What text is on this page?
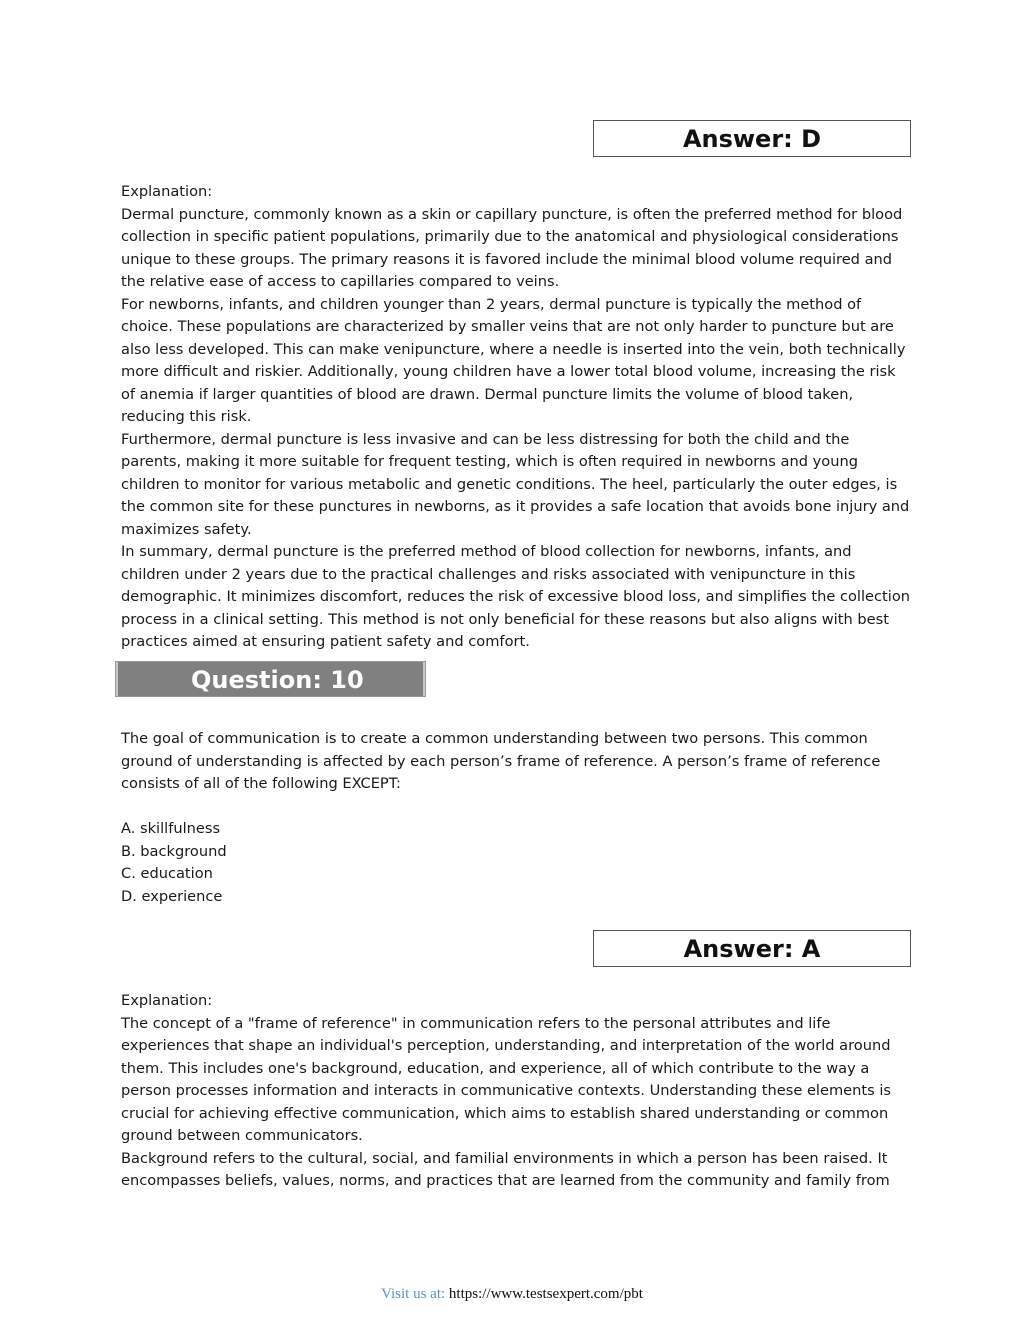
Answer: D

Explanation:

Dermal puncture, commonly known as a skin or capillary puncture, is often the preferred method for blood collection in specific patient populations, primarily due to the anatomical and physiological considerations unique to these groups. The primary reasons it is favored include the minimal blood volume required and the relative ease of access to capillaries compared to veins.

For newborns, infants, and children younger than 2 years, dermal puncture is typically the method of choice. These populations are characterized by smaller veins that are not only harder to puncture but are also less developed. This can make venipuncture, where a needle is inserted into the vein, both technically more difficult and riskier. Additionally, young children have a lower total blood volume, increasing the risk of anemia if larger quantities of blood are drawn. Dermal puncture limits the volume of blood taken, reducing this risk.

Furthermore, dermal puncture is less invasive and can be less distressing for both the child and the parents, making it more suitable for frequent testing, which is often required in newborns and young children to monitor for various metabolic and genetic conditions. The heel, particularly the outer edges, is the common site for these punctures in newborns, as it provides a safe location that avoids bone injury and maximizes safety.

In summary, dermal puncture is the preferred method of blood collection for newborns, infants, and children under 2 years due to the practical challenges and risks associated with venipuncture in this demographic. It minimizes discomfort, reduces the risk of excessive blood loss, and simplifies the collection process in a clinical setting. This method is not only beneficial for these reasons but also aligns with best practices aimed at ensuring patient safety and comfort.

Question: 10

The goal of communication is to create a common understanding between two persons. This common ground of understanding is affected by each person’s frame of reference. A person’s frame of reference consists of all of the following EXCEPT:

A. skillfulness

B. background

C. education

D. experience

Answer: A

Explanation:

The concept of a "frame of reference" in communication refers to the personal attributes and life experiences that shape an individual's perception, understanding, and interpretation of the world around them. This includes one's background, education, and experience, all of which contribute to the way a person processes information and interacts in communicative contexts. Understanding these elements is crucial for achieving effective communication, which aims to establish shared understanding or common ground between communicators.

Background refers to the cultural, social, and familial environments in which a person has been raised. It encompasses beliefs, values, norms, and practices that are learned from the community and family from

Visit us at: https://www.testsexpert.com/pbt
